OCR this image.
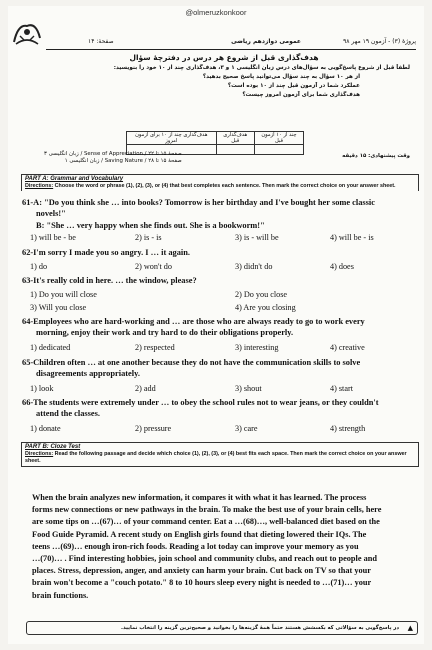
@olmeruzkonkoor
پروژهٔ (۳) - آزمون ۱۹ مهر ۹۸
عمومی دوازدهم ریاضی
صفحهٔ: ۱۴
هدف‌گذاری قبل از شروع هر درس در دفترچهٔ سؤال
لطفاً قبل از شروع پاسخ‌گویی به سؤال‌های درس زبان انگلیسی ۱ و ۳، هدف‌گذاری چند از ۱۰ خود را بنویسید:
از هر ۱۰ سؤال به چند سؤال می‌توانید پاسخ صحیح بدهید؟
عملکرد شما در آزمون قبل چند از ۱۰ بوده است؟
هدف‌گذاری شما برای آزمون امروز چیست؟
چند از ۱۰ آزمون قبل	هدف‌گذاری قبل	هدف‌گذاری چند از ۱۰ برای آزمون امروز

وقت پیشنهادی: ۱۵ دقیقه
صفحهٔ ۱۵ تا ۲۲ / Sense of Appreciation / زبان انگلیسی ۳
صفحهٔ ۱۵ تا ۲۸ / Saving Nature / زبان انگلیسی ۱
PART A: Grammar and Vocabulary
Directions: Choose the word or phrase (1), (2), (3), or (4) that best completes each sentence. Then mark the correct choice on your answer sheet.
61-A: "Do you think she … into books? Tomorrow is her birthday and I've bought her some classic
novels!"
B: "She … very happy when she finds out. She is a bookworm!"
1) will be - be	2) is - is	3) is - will be	4) will be - is
62-I'm sorry I made you so angry. I … it again.
1) do	2) won't do	3) didn't do	4) does
63-It's really cold in here. … the window, please?
1) Do you will close	2) Do you close
3) Will you close	4) Are you closing
64-Employees who are hard-working and … are those who are always ready to go to work every
morning, enjoy their work and try hard to do their obligations properly.
1) dedicated	2) respected	3) interesting	4) creative
65-Children often … at one another because they do not have the communication skills to solve
disagreements appropriately.
1) look	2) add	3) shout	4) start
66-The students were extremely under … to obey the school rules not to wear jeans, or they couldn't
attend the classes.
1) donate	2) pressure	3) care	4) strength
PART B: Cloze Test
Directions: Read the following passage and decide which choice (1), (2), (3), or (4) best fits each space. Then mark the correct choice on your answer sheet.
When the brain analyzes new information, it compares it with what it has learned. The process
forms new connections or new pathways in the brain. To make the best use of your brain cells, here
are some tips on …(67)… of your command center. Eat a …(68)…, well-balanced diet based on the
Food Guide Pyramid. A recent study on English girls found that dieting lowered their IQs. The
teens …(69)… enough iron-rich foods. Reading a lot today can improve your memory as you
…(70)… . Find interesting hobbies, join school and community clubs, and reach out to people and
places. Stress, depression, anger, and anxiety can harm your brain. Cut back on TV so that your
brain won't become a "couch potato." 8 to 10 hours sleep every night is needed to …(71)… your
brain functions.
▲
در پاسخ‌گویی به سؤالاتی که بکسشش هستند حتماً همهٔ گزینه‌ها را بخوانید و صحیح‌ترین گزینه را انتخاب نمایید.
